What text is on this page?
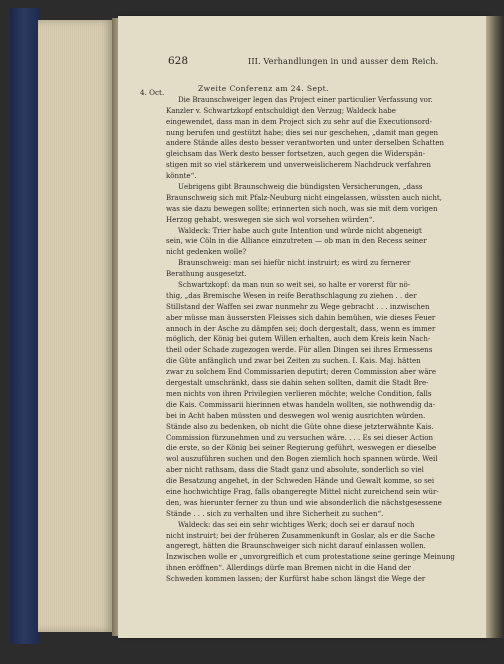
628	III. Verhandlungen in und ausser dem Reich.
4. Oct.	Zweite Conferenz am 24. Sept.
Die Braunschweiger legen das Project einer particulier Verfassung vor.
Kanzler v. Schwartzkopf entschuldigt den Verzug; Waldeck habe
eingewendet, dass man in dem Project sich zu sehr auf die Executionsord-
nung berufen und gestützt habe; dies sei nur geschehen, „damit man gegen
andere Stände alles desto besser verantworten und unter derselben Schatten
gleichsam das Werk desto besser fortsetzen, auch gegen die Widerspän-
stigen mit so viel stärkerem und unverweislicherem Nachdruck verfahren
könnte“.
Uebrigens gibt Braunschweig die bündigsten Versicherungen, „dass
Braunschweig sich mit Pfalz-Neuburg nicht eingelassen, wüssten auch nicht,
was sie dazu bewegen sollte; erinnerten sich noch, was sie mit dem vorigen
Herzog gehabt, weswegen sie sich wol vorsehen würden“.
Waldeck: Trier habe auch gute Intention und würde nicht abgeneigt
sein, wie Cöln in die Alliance einzutreten — ob man in den Recess seiner
nicht gedenken wolle?
Braunschweig: man sei hiefür nicht instruirt; es wird zu fernerer
Berathung ausgesetzt.
Schwartzkopf: da man nun so weit sei, so halte er vorerst für nö-
thig, „das Bremische Wesen in reife Berathschlagung zu ziehen . . der
Stillstand der Waffen sei zwar nunmehr zu Wege gebracht . . . inzwischen
aber müsse man äussersten Fleisses sich dahin bemühen, wie dieses Feuer
annoch in der Asche zu dämpfen sei; doch dergestalt, dass, wenn es immer
möglich, der König bei gutem Willen erhalten, auch dem Kreis kein Nach-
theil oder Schade zugezogen werde. Für allen Dingen sei ihres Ermessens
die Güte anfänglich und zwar bei Zeiten zu suchen. I. Kais. Maj. hätten
zwar zu solchem End Commissarien deputirt; deren Commission aber wäre
dergestalt umschränkt, dass sie dahin sehen sollten, damit die Stadt Bre-
men nichts von ihren Privilegien verlieren möchte; welche Condition, falls
die Kais. Commissarii hierinnen etwas handeln wollten, sie nothwendig da-
bei in Acht haben müssten und deswegen wol wenig ausrichten würden.
Stände also zu bedenken, ob nicht die Güte ohne diese jetzterwähnte Kais.
Commission fürzunehmen und zu versuchen wäre. . . . Es sei dieser Action
die erste, so der König bei seiner Regierung geführt, weswegen er dieselbe
wol auszuführen suchen und den Bogen ziemlich hoch spannen würde. Weil
aber nicht rathsam, dass die Stadt ganz und absolute, sonderlich so viel
die Besatzung angehet, in der Schweden Hände und Gewalt komme, so sei
eine hochwichtige Frag, falls obangeregte Mittel nicht zureichend sein wür-
den, was hierunter ferner zu thun und wie absonderlich die nächstgesessene
Stände . . . sich zu verhalten und ihre Sicherheit zu suchen“.
Waldeck: das sei ein sehr wichtiges Werk; doch sei er darauf noch
nicht instruirt; bei der früheren Zusammenkunft in Goslar, als er die Sache
angeregt, hätten die Braunschweiger sich nicht darauf einlassen wollen.
Inzwischen wolle er „unvorgreiflich et cum protestatione seine geringe Meinung
ihnen eröffnen“. Allerdings dürfe man Bremen nicht in die Hand der
Schweden kommen lassen; der Kurfürst habe schon längst die Wege der
